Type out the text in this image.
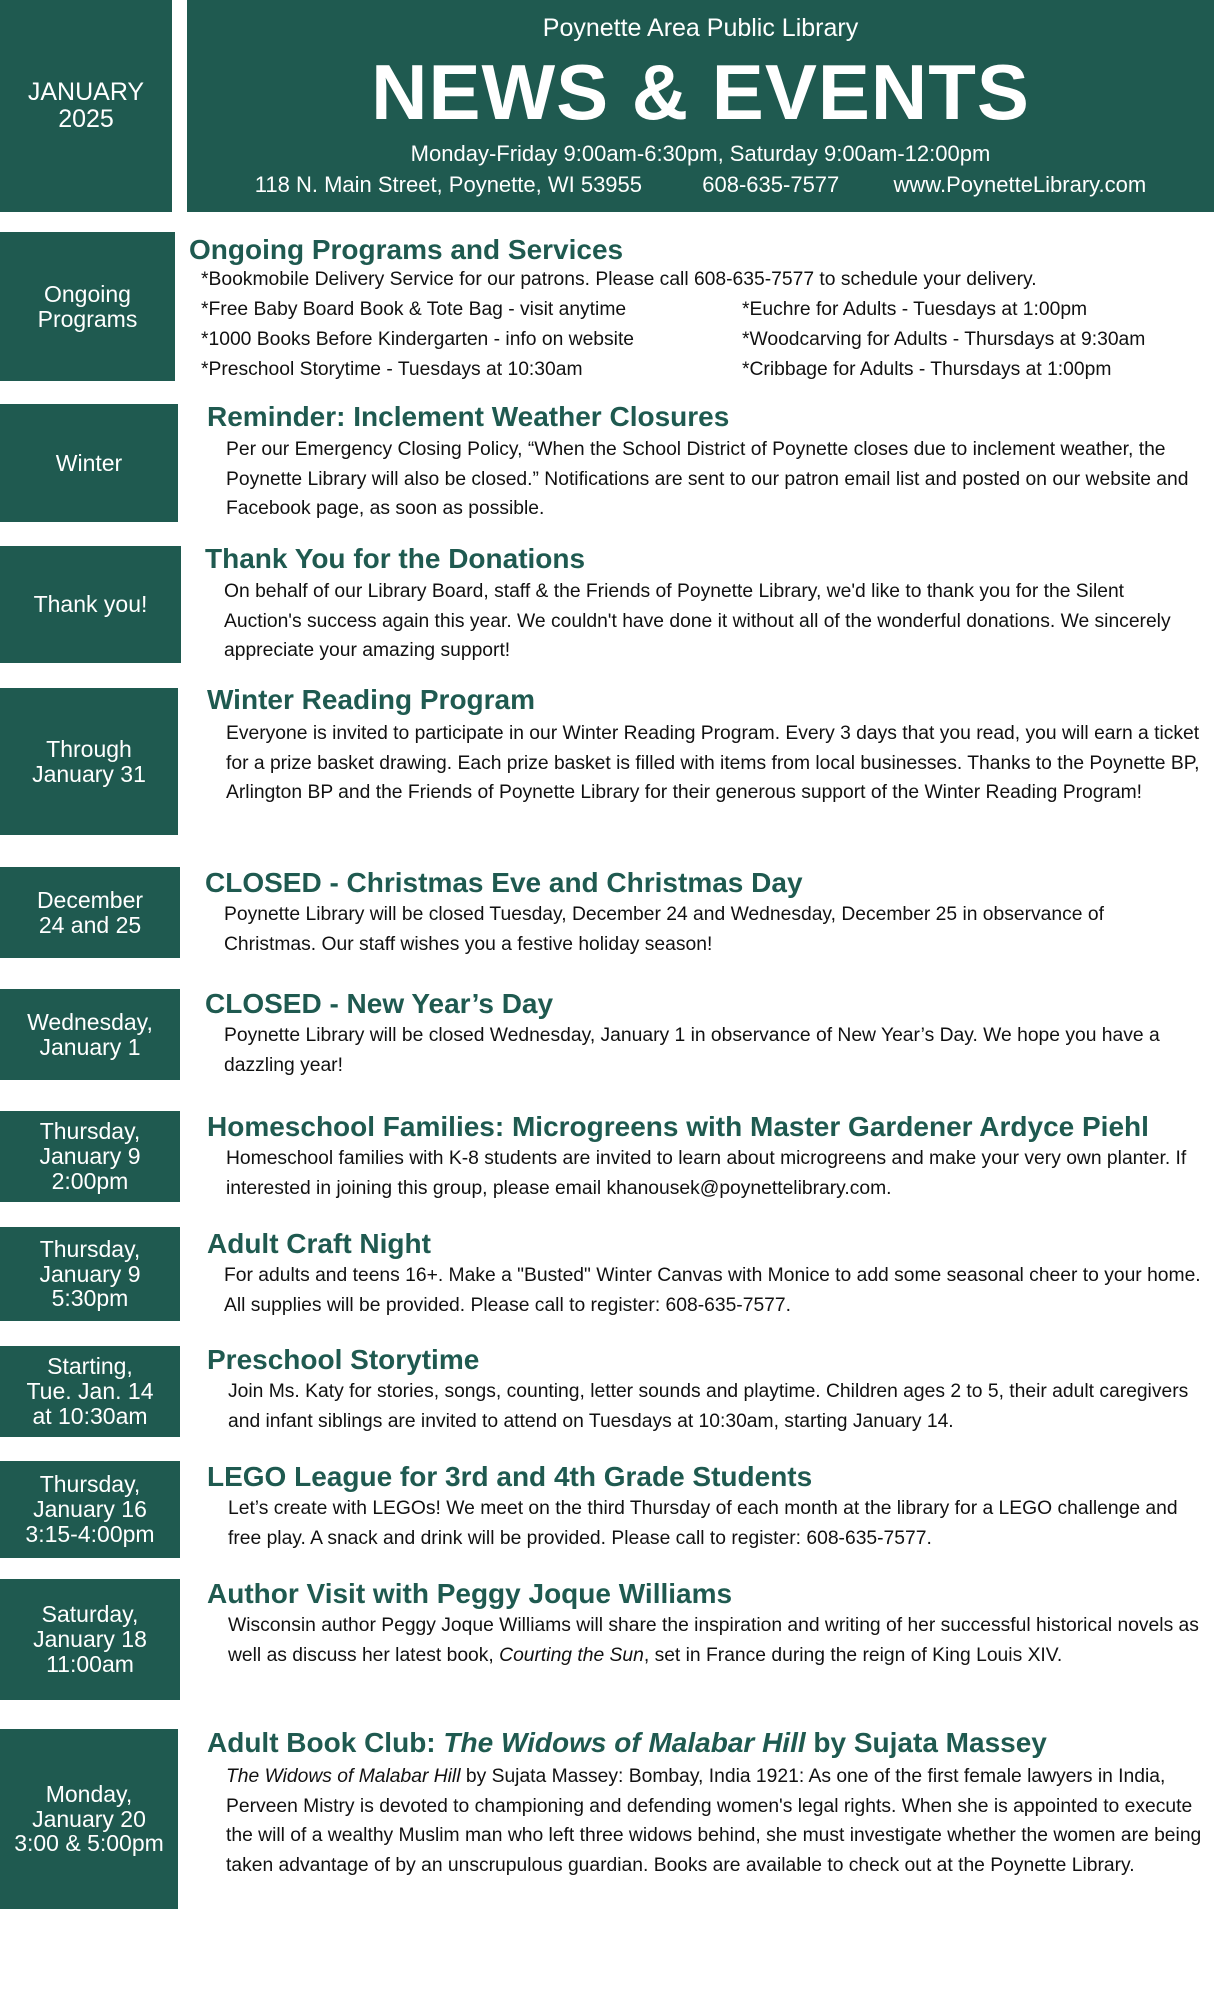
JANUARY
2025
Poynette Area Public Library
NEWS & EVENTS
Monday-Friday 9:00am-6:30pm, Saturday 9:00am-12:00pm
118 N. Main Street, Poynette, WI 53955	608-635-7577 www.PoynetteLibrary.com
Ongoing
Programs
Ongoing Programs and Services
*Bookmobile Delivery Service for our patrons. Please call 608-635-7577 to schedule your delivery.
*Free Baby Board Book & Tote Bag - visit anytime
*1000 Books Before Kindergarten - info on website
*Preschool Storytime - Tuesdays at 10:30am
*Euchre for Adults - Tuesdays at 1:00pm
*Woodcarving for Adults - Thursdays at 9:30am
*Cribbage for Adults - Thursdays at 1:00pm
Winter
Reminder: Inclement Weather Closures
Per our Emergency Closing Policy, “When the School District of Poynette closes due to inclement weather, the Poynette Library will also be closed.” Notifications are sent to our patron email list and posted on our website and Facebook page, as soon as possible.
Thank you!
Thank You for the Donations
On behalf of our Library Board, staff & the Friends of Poynette Library, we'd like to thank you for the Silent Auction's success again this year. We couldn't have done it without all of the wonderful donations. We sincerely appreciate your amazing support!
Through
January 31
Winter Reading Program
Everyone is invited to participate in our Winter Reading Program. Every 3 days that you read, you will earn a ticket for a prize basket drawing. Each prize basket is filled with items from local businesses. Thanks to the Poynette BP, Arlington BP and the Friends of Poynette Library for their generous support of the Winter Reading Program!
December
24 and 25
CLOSED - Christmas Eve and Christmas Day
Poynette Library will be closed Tuesday, December 24 and Wednesday, December 25 in observance of Christmas. Our staff wishes you a festive holiday season!
Wednesday,
January 1
CLOSED - New Year’s Day
Poynette Library will be closed Wednesday, January 1 in observance of New Year’s Day. We hope you have a dazzling year!
Thursday,
January 9
2:00pm
Homeschool Families: Microgreens with Master Gardener Ardyce Piehl
Homeschool families with K-8 students are invited to learn about microgreens and make your very own planter. If interested in joining this group, please email khanousek@poynettelibrary.com.
Thursday,
January 9
5:30pm
Adult Craft Night
For adults and teens 16+. Make a "Busted" Winter Canvas with Monice to add some seasonal cheer to your home. All supplies will be provided. Please call to register: 608-635-7577.
Starting,
Tue. Jan. 14
at 10:30am
Preschool Storytime
Join Ms. Katy for stories, songs, counting, letter sounds and playtime. Children ages 2 to 5, their adult caregivers and infant siblings are invited to attend on Tuesdays at 10:30am, starting January 14.
Thursday,
January 16
3:15-4:00pm
LEGO League for 3rd and 4th Grade Students
Let’s create with LEGOs! We meet on the third Thursday of each month at the library for a LEGO challenge and free play. A snack and drink will be provided. Please call to register: 608-635-7577.
Saturday,
January 18
11:00am
Author Visit with Peggy Joque Williams
Wisconsin author Peggy Joque Williams will share the inspiration and writing of her successful historical novels as well as discuss her latest book, Courting the Sun, set in France during the reign of King Louis XIV.
Monday,
January 20
3:00 & 5:00pm
Adult Book Club: The Widows of Malabar Hill by Sujata Massey
The Widows of Malabar Hill by Sujata Massey: Bombay, India 1921: As one of the first female lawyers in India, Perveen Mistry is devoted to championing and defending women's legal rights. When she is appointed to execute the will of a wealthy Muslim man who left three widows behind, she must investigate whether the women are being taken advantage of by an unscrupulous guardian. Books are available to check out at the Poynette Library.
